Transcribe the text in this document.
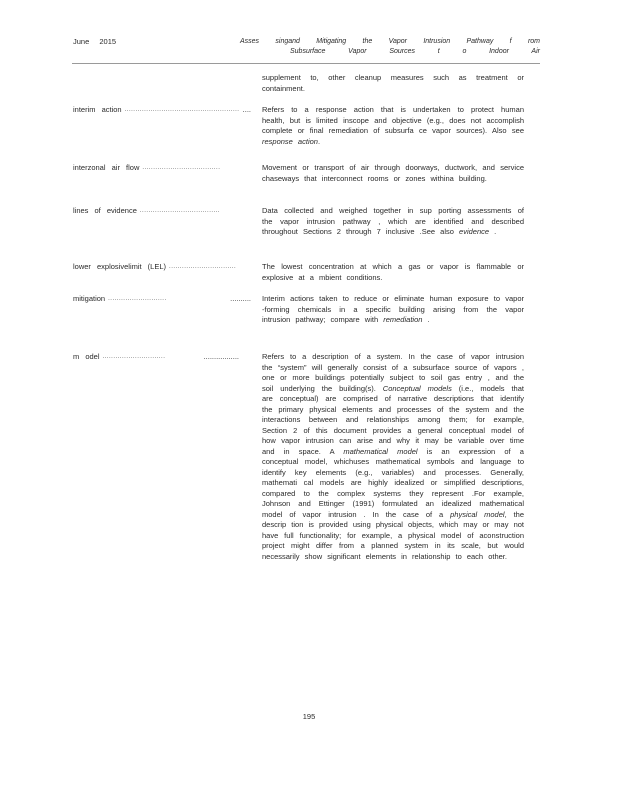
June 2015	Asses singand Mitigating the Vapor Intrusion Pathway f rom
Subsurface Vapor Sources t o Indoor Air
supplement to, other cleanup measures such as treatment or containment.
interim action .....	.... Refers to a response action that is undertaken to protect human health, but is limited inscope and objective (e.g., does not accomplish complete or final remediation of subsurfa ce vapor sources). Also see response action.
interzonal air flow .....	Movement or transport of air through doorways, ductwork, and service chaseways that interconnect rooms or zones withina building.
lines of evidence .....	Data collected and weighed together in sup porting assessments of the vapor intrusion pathway , which are identified and described throughout Sections 2 through 7 inclusive .See also evidence .
lower explosivelimit (LEL) .....	The lowest concentration at which a gas or vapor is flammable or explosive at a mbient conditions.
mitigation .....	.......... Interim actions taken to reduce or eliminate human exposure to vapor -forming chemicals in a specific building arising from the vapor intrusion pathway; compare with remediation .
m odel .....	.................	Refers to a description of a system. In the case of vapor intrusion the “system” will generally consist of a subsurface source of vapors , one or more buildings potentially subject to soil gas entry , and the soil underlying the building(s). Conceptual models (i.e., models that are conceptual) are comprised of narrative descriptions that identify the primary physical elements and processes of the system and the interactions between and relationships among them; for example, Section 2 of this document provides a general conceptual model of how vapor intrusion can arise and why it may be variable over time and in space. A mathematical model is an expression of a conceptual model, whichuses mathematical symbols and language to identify key elements (e.g., variables) and processes. Generally, mathemati cal models are highly idealized or simplified descriptions, compared to the complex systems they represent .For example, Johnson and Ettinger (1991) formulated an idealized mathematical model of vapor intrusion . In the case of a physical model, the descrip tion is provided using physical objects, which may or may not have full functionality; for example, a physical model of aconstruction project might differ from a planned system in its scale, but would necessarily show significant elements in relationship to each other.
195
